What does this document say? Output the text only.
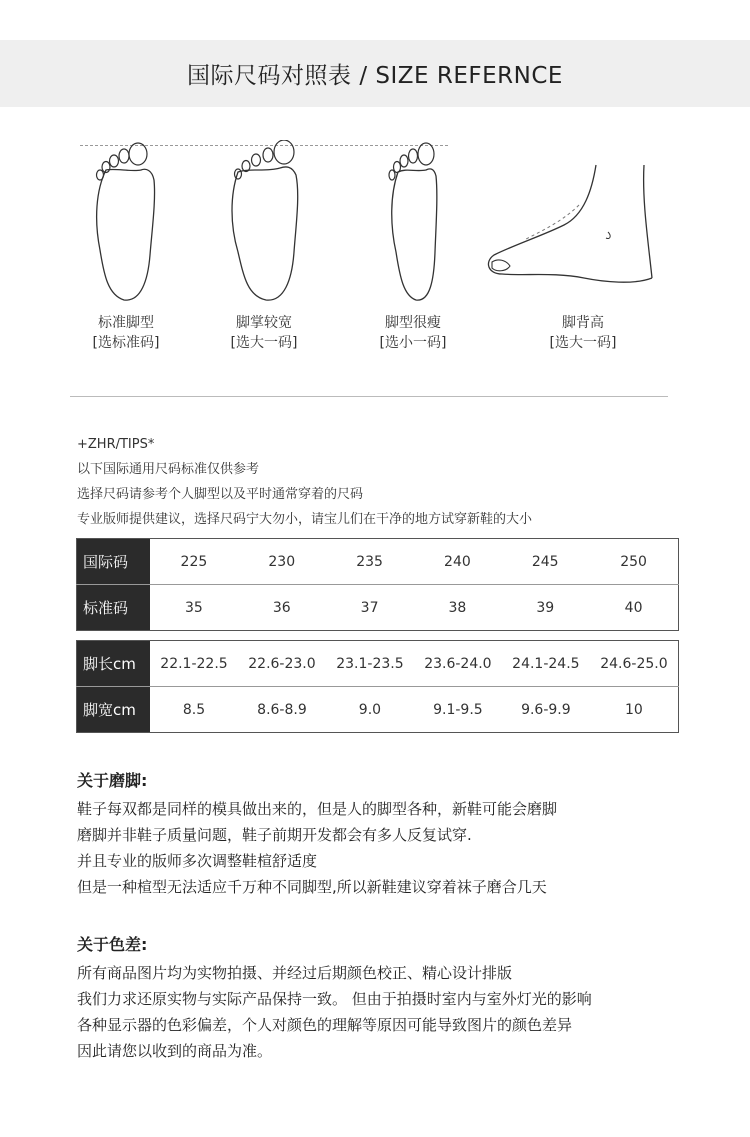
国际尺码对照表 / SIZE REFERNCE
标准脚型
[选标准码]
脚掌较宽
[选大一码]
脚型很瘦
[选小一码]
脚背高
[选大一码]
+ZHR/TIPS*
以下国际通用尺码标准仅供参考
选择尺码请参考个人脚型以及平时通常穿着的尺码
专业版师提供建议，选择尺码宁大勿小，请宝儿们在干净的地方试穿新鞋的大小
国际码	225	230	235	240	245	250
标准码	35	36	37	38	39	40
脚长cm	22.1-22.5	22.6-23.0	23.1-23.5	23.6-24.0	24.1-24.5	24.6-25.0
脚宽cm	8.5	8.6-8.9	9.0	9.1-9.5	9.6-9.9	10
关于磨脚:
鞋子每双都是同样的模具做出来的，但是人的脚型各种，新鞋可能会磨脚
磨脚并非鞋子质量问题，鞋子前期开发都会有多人反复试穿.
并且专业的版师多次调整鞋楦舒适度
但是一种楦型无法适应千万种不同脚型,所以新鞋建议穿着袜子磨合几天
关于色差:
所有商品图片均为实物拍摄、并经过后期颜色校正、精心设计排版
我们力求还原实物与实际产品保持一致。 但由于拍摄时室内与室外灯光的影响
各种显示器的色彩偏差，个人对颜色的理解等原因可能导致图片的颜色差异
因此请您以收到的商品为准。
